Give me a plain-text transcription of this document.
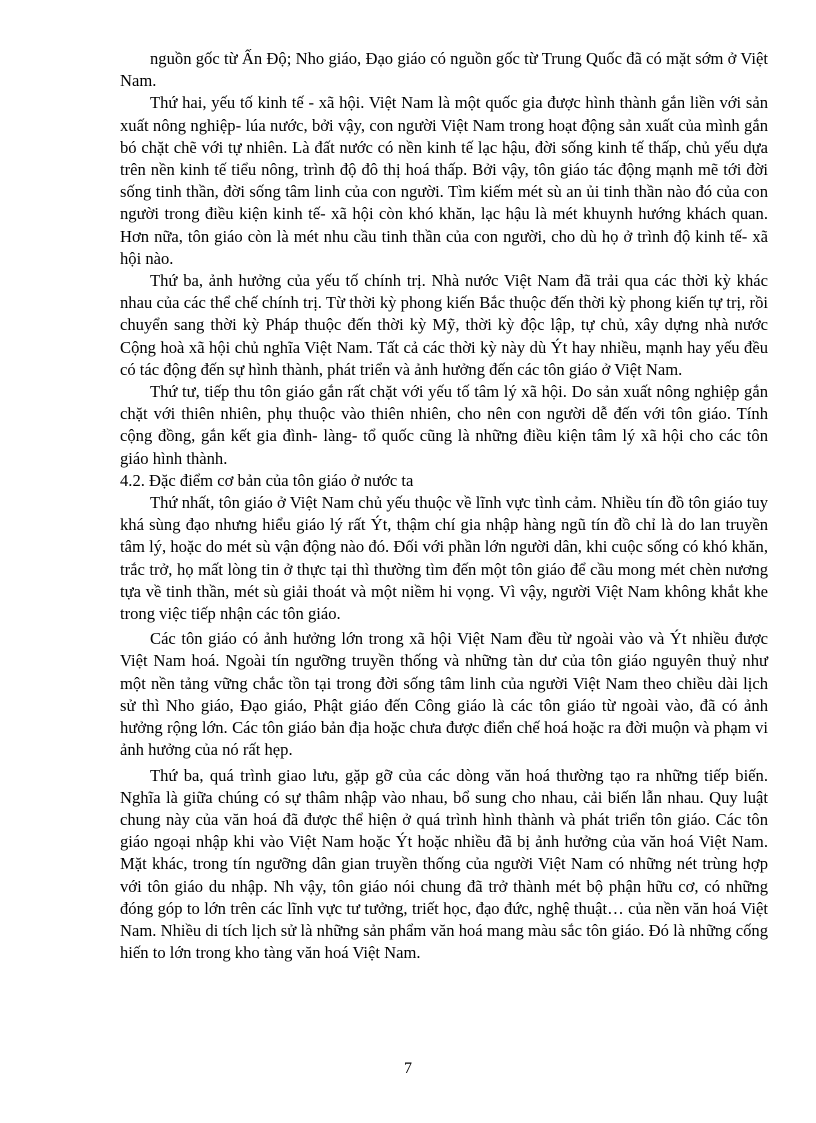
nguồn gốc từ Ấn Độ; Nho giáo, Đạo giáo có nguồn gốc từ Trung Quốc đã có mặt sớm ở Việt Nam.

Thứ hai, yếu tố kinh tế - xã hội. Việt Nam là một quốc gia được hình thành gắn liền với sản xuất nông nghiệp- lúa nước, bởi vậy, con người Việt Nam trong hoạt động sản xuất của mình gắn bó chặt chẽ với tự nhiên. Là đất nước có nền kinh tế lạc hậu, đời sống kinh tế thấp, chủ yếu dựa trên nền kinh tế tiểu nông, trình độ đô thị hoá thấp. Bởi vậy, tôn giáo tác động mạnh mẽ tới đời sống tinh thần, đời sống tâm linh của con người. Tìm kiếm mét sù an ủi tinh thần nào đó của con người trong điều kiện kinh tế- xã hội còn khó khăn, lạc hậu là mét khuynh hướng khách quan. Hơn nữa, tôn giáo còn là mét nhu cầu tinh thần của con người, cho dù họ ở trình độ kinh tế- xã hội nào.

Thứ ba, ảnh hưởng của yếu tố chính trị. Nhà nước Việt Nam đã trải qua các thời kỳ khác nhau của các thể chế chính trị. Từ thời kỳ phong kiến Bắc thuộc đến thời kỳ phong kiến tự trị, rồi chuyển sang thời kỳ Pháp thuộc đến thời kỳ Mỹ, thời kỳ độc lập, tự chủ, xây dựng nhà nước Cộng hoà xã hội chủ nghĩa Việt Nam. Tất cả các thời kỳ này dù Ýt hay nhiều, mạnh hay yếu đều có tác động đến sự hình thành, phát triển và ảnh hưởng đến các tôn giáo ở Việt Nam.

Thứ tư, tiếp thu tôn giáo gắn rất chặt với yếu tố tâm lý xã hội. Do sản xuất nông nghiệp gắn chặt với thiên nhiên, phụ thuộc vào thiên nhiên, cho nên con người dễ đến với tôn giáo. Tính cộng đồng, gắn kết gia đình- làng- tổ quốc cũng là những điều kiện tâm lý xã hội cho các tôn giáo hình thành.

4.2. Đặc điểm cơ bản của tôn giáo ở nước ta

Thứ nhất, tôn giáo ở Việt Nam chủ yếu thuộc về lĩnh vực tình cảm. Nhiều tín đồ tôn giáo tuy khá sùng đạo nhưng hiểu giáo lý rất Ýt, thậm chí gia nhập hàng ngũ tín đồ chỉ là do lan truyền tâm lý, hoặc do mét sù vận động nào đó. Đối với phần lớn người dân, khi cuộc sống có khó khăn, trắc trở, họ mất lòng tin ở thực tại thì thường tìm đến một tôn giáo để cầu mong mét chèn nương tựa về tinh thần, mét sù giải thoát và một niềm hi vọng. Vì vậy, người Việt Nam không khắt khe trong việc tiếp nhận các tôn giáo.

Các tôn giáo có ảnh hưởng lớn trong xã hội Việt Nam đều từ ngoài vào và Ýt nhiều được Việt Nam hoá. Ngoài tín ngưỡng truyền thống và những tàn dư của tôn giáo nguyên thuỷ như một nền tảng vững chắc tồn tại trong đời sống tâm linh của người Việt Nam theo chiều dài lịch sử thì Nho giáo, Đạo giáo, Phật giáo đến Công giáo là các tôn giáo từ ngoài vào, đã có ảnh hưởng rộng lớn. Các tôn giáo bản địa hoặc chưa được điển chế hoá hoặc ra đời muộn và phạm vi ảnh hưởng của nó rất hẹp.

Thứ ba, quá trình giao lưu, gặp gỡ của các dòng văn hoá thường tạo ra những tiếp biến. Nghĩa là giữa chúng có sự thâm nhập vào nhau, bổ sung cho nhau, cải biến lẫn nhau. Quy luật chung này của văn hoá đã được thể hiện ở quá trình hình thành và phát triển tôn giáo. Các tôn giáo ngoại nhập khi vào Việt Nam hoặc Ýt hoặc nhiều đã bị ảnh hưởng của văn hoá Việt Nam. Mặt khác, trong tín ngưỡng dân gian truyền thống của người Việt Nam có những nét trùng hợp với tôn giáo du nhập. Nh vậy, tôn giáo nói chung đã trở thành mét bộ phận hữu cơ, có những đóng góp to lớn trên các lĩnh vực tư tưởng, triết học, đạo đức, nghệ thuật… của nền văn hoá Việt Nam. Nhiều di tích lịch sử là những sản phẩm văn hoá mang màu sắc tôn giáo. Đó là những cống hiến to lớn trong kho tàng văn hoá Việt Nam.

7
